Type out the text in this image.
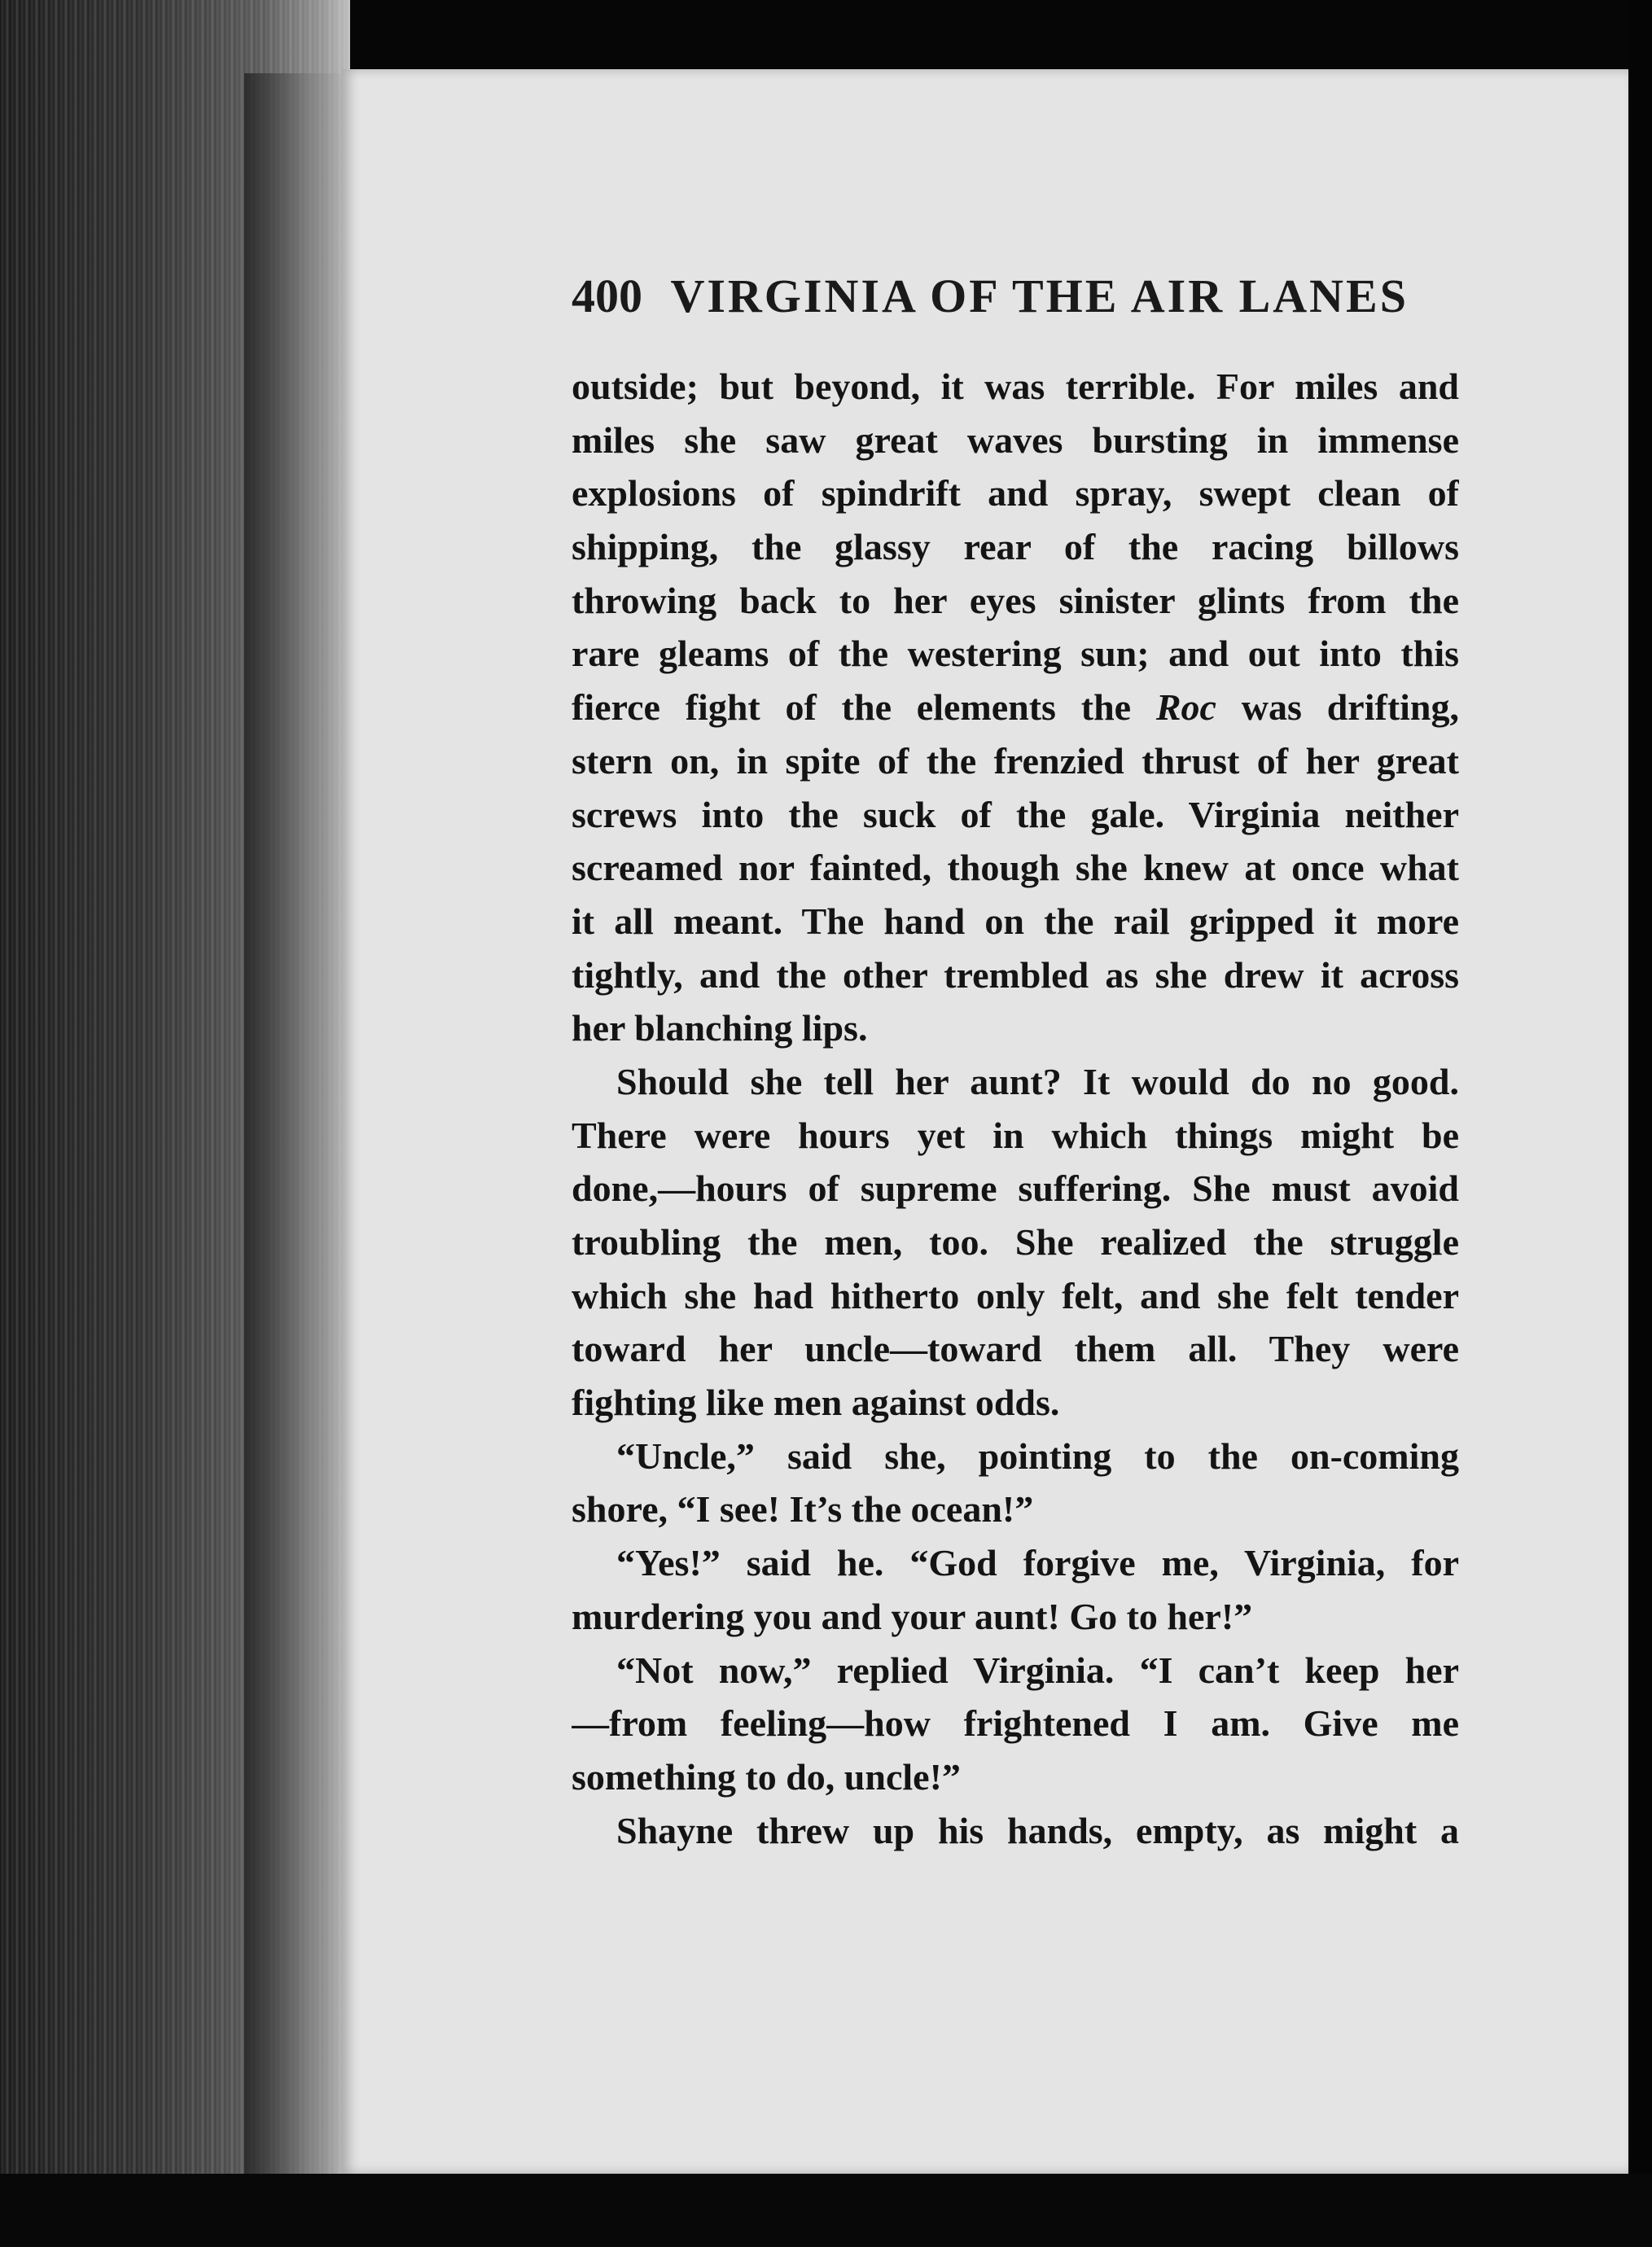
400 VIRGINIA OF THE AIR LANES
outside; but beyond, it was terrible. For miles and
miles she saw great waves bursting in immense
explosions of spindrift and spray, swept clean of
shipping, the glassy rear of the racing billows
throwing back to her eyes sinister glints from the
rare gleams of the westering sun; and out into this
fierce fight of the elements the Roc was drifting,
stern on, in spite of the frenzied thrust of her great
screws into the suck of the gale. Virginia neither
screamed nor fainted, though she knew at once what
it all meant. The hand on the rail gripped it more
tightly, and the other trembled as she drew it across
her blanching lips.
Should she tell her aunt? It would do no good.
There were hours yet in which things might be
done,—hours of supreme suffering. She must avoid
troubling the men, too. She realized the struggle
which she had hitherto only felt, and she felt tender
toward her uncle—toward them all. They were
fighting like men against odds.
“Uncle,” said she, pointing to the on-coming
shore, “I see! It’s the ocean!”
“Yes!” said he. “God forgive me, Virginia, for
murdering you and your aunt! Go to her!”
“Not now,” replied Virginia. “I can’t keep her
—from feeling—how frightened I am. Give me
something to do, uncle!”
Shayne threw up his hands, empty, as might a
